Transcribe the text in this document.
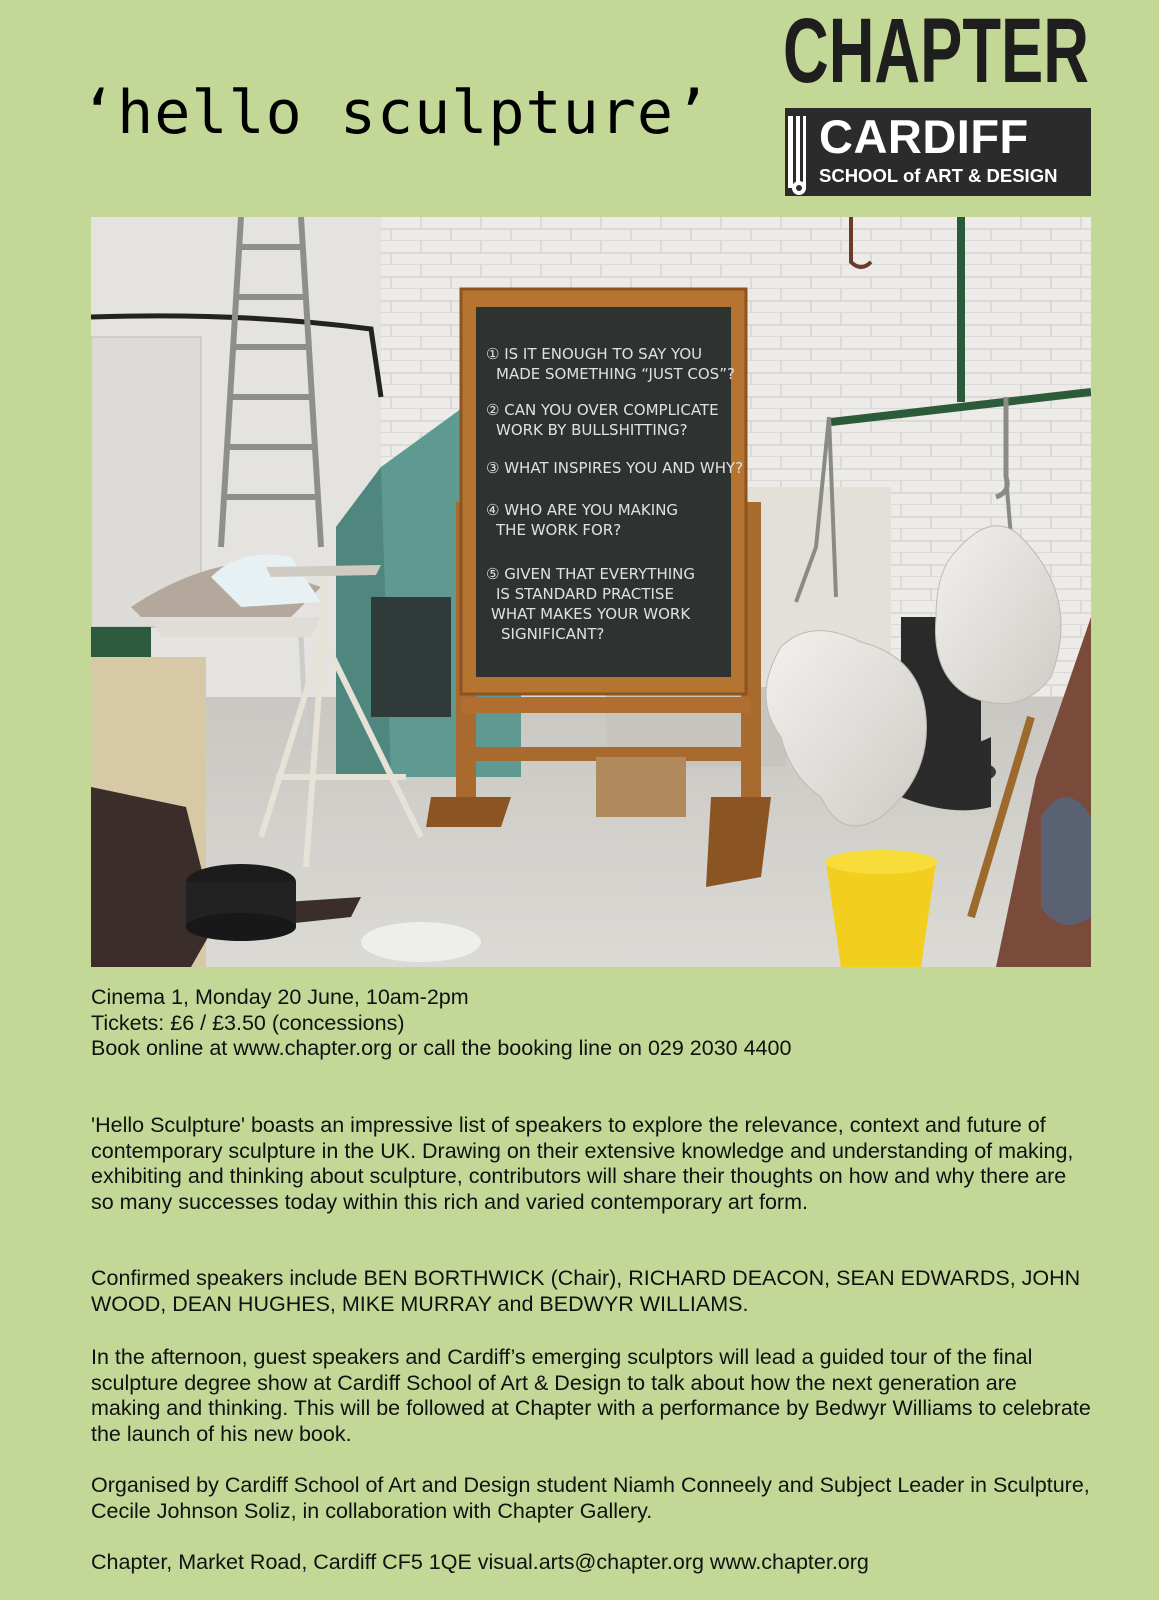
‘hello sculpture’
CHAPTER
CARDIFF
SCHOOL of ART & DESIGN
① IS IT ENOUGH TO SAY YOU
MADE SOMETHING “JUST COS”?
② CAN YOU OVER COMPLICATE
WORK BY BULLSHITTING?
③ WHAT INSPIRES YOU AND WHY?
④ WHO ARE YOU MAKING
THE WORK FOR?
⑤ GIVEN THAT EVERYTHING
IS STANDARD PRACTISE
WHAT MAKES YOUR WORK
SIGNIFICANT?

Cinema 1, Monday 20 June, 10am-2pm

Tickets: £6 / £3.50 (concessions)

Book online at www.chapter.org or call the booking line on 029 2030 4400

'Hello Sculpture' boasts an impressive list of speakers to explore the relevance, context and future of contemporary sculpture in the UK. Drawing on their extensive knowledge and understanding of making, exhibiting and thinking about sculpture, contributors will share their thoughts on how and why there are so many successes today within this rich and varied contemporary art form.

Confirmed speakers include BEN BORTHWICK (Chair), RICHARD DEACON, SEAN EDWARDS, JOHN WOOD, DEAN HUGHES, MIKE MURRAY and BEDWYR WILLIAMS.

In the afternoon, guest speakers and Cardiff’s emerging sculptors will lead a guided tour of the final sculpture degree show at Cardiff School of Art & Design to talk about how the next generation are making and thinking. This will be followed at Chapter with a performance by Bedwyr Williams to celebrate the launch of his new book.

Organised by Cardiff School of Art and Design student Niamh Conneely and Subject Leader in Sculpture, Cecile Johnson Soliz, in collaboration with Chapter Gallery.

Chapter, Market Road, Cardiff CF5 1QE visual.arts@chapter.org www.chapter.org
